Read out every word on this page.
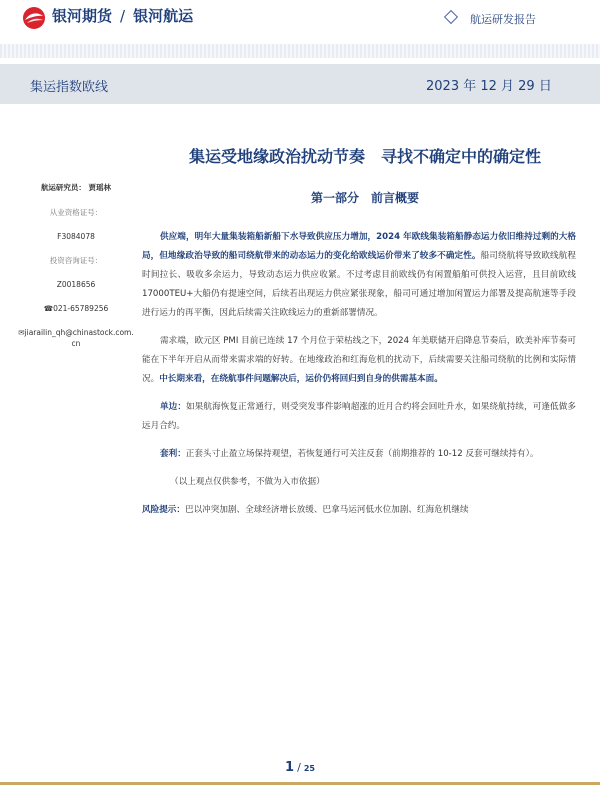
银河期货 / 银河航运	航运研发报告
集运指数欧线	2023 年 12 月 29 日
集运受地缘政治扰动节奏　寻找不确定中的确定性
第一部分　前言概要
航运研究员： 贾瑶林
从业资格证号：
F3084078
投资咨询证号：
Z0018656
☎021-65789256
✉jiarailin_qh@chinastock.com.cn

供应端，明年大量集装箱船新船下水导致供应压力增加，2024 年欧线集装箱船静态运力依旧维持过剩的大格局，但地缘政治导致的船司绕航带来的动态运力的变化给欧线运价带来了较多不确定性。船司绕航将导致欧线航程时间拉长、吸收多余运力，导致动态运力供应收紧。不过考虑目前欧线仍有闲置船舶可供投入运营，且目前欧线 17000TEU+大船仍有提速空间，后续若出现运力供应紧张现象，船司可通过增加闲置运力部署及提高航速等手段进行运力的再平衡，因此后续需关注欧线运力的重新部署情况。

需求端，欧元区 PMI 目前已连续 17 个月位于荣枯线之下，2024 年美联储开启降息节奏后，欧美补库节奏可能在下半年开启从而带来需求端的好转。在地缘政治和红海危机的扰动下，后续需要关注船司绕航的比例和实际情况。中长期来看，在绕航事件问题解决后，运价仍将回归到自身的供需基本面。

单边：如果航海恢复正常通行，则受突发事件影响超涨的近月合约将会回吐升水，如果绕航持续，可逢低做多远月合约。

套利：正套头寸止盈立场保持观望，若恢复通行可关注反套（前期推荐的 10-12 反套可继续持有）。

（以上观点仅供参考，不做为入市依据）

风险提示：巴以冲突加剧、全球经济增长放缓、巴拿马运河低水位加剧、红海危机继续

1 / 25
